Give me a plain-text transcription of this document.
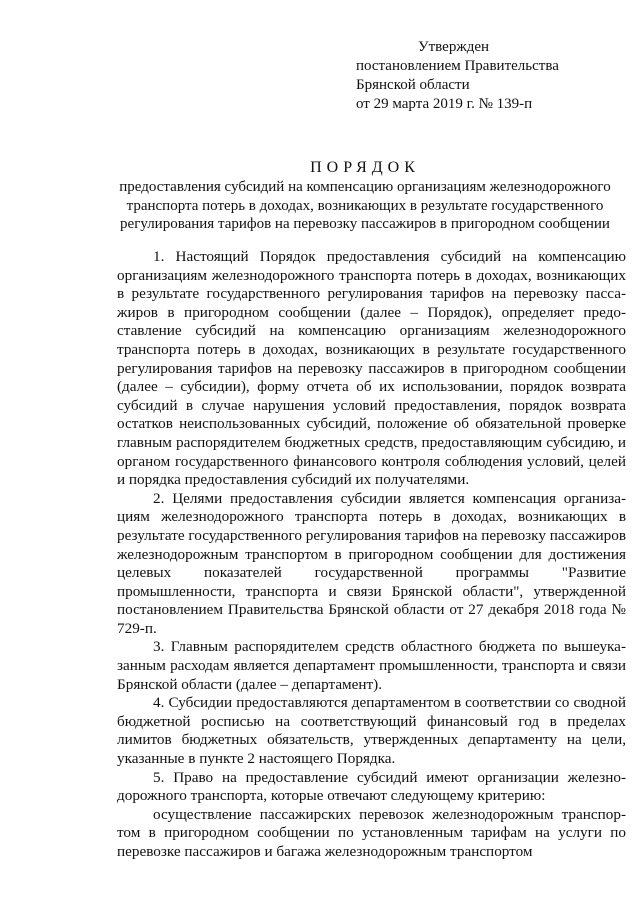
Утвержден
постановлением Правительства
Брянской области
от 29 марта 2019 г. № 139-п
ПОРЯДОК
предоставления субсидий на компенсацию организациям железнодорожного транспорта потерь в доходах, возникающих в результате государственного регулирования тарифов на перевозку пассажиров в пригородном сообщении

1. Настоящий Порядок предоставления субсидий на компенсацию организациям железнодорожного транспорта потерь в доходах, возникающих в результате государственного регулирования тарифов на перевозку пассажиров в пригородном сообщении (далее – Порядок), определяет предоставление субсидий на компенсацию организациям железнодорожного транспорта потерь в доходах, возникающих в результате государственного регулирования тарифов на перевозку пассажиров в пригородном сообщении (далее – субсидии), форму отчета об их использовании, порядок возврата субсидий в случае нарушения условий предоставления, порядок возврата остатков неиспользованных субсидий, положение об обязательной проверке главным распорядителем бюджетных средств, предоставляющим субсидию, и органом государственного финансового контроля соблюдения условий, целей и порядка предоставления субсидий их получателями.

2. Целями предоставления субсидии является компенсация организациям железнодорожного транспорта потерь в доходах, возникающих в результате государственного регулирования тарифов на перевозку пассажиров железнодорожным транспортом в пригородном сообщении для достижения целевых показателей государственной программы "Развитие промышленности, транспорта и связи Брянской области", утвержденной постановлением Правительства Брянской области от 27 декабря 2018 года № 729-п.

3. Главным распорядителем средств областного бюджета по вышеуказанным расходам является департамент промышленности, транспорта и связи Брянской области (далее – департамент).

4. Субсидии предоставляются департаментом в соответствии со сводной бюджетной росписью на соответствующий финансовый год в пределах лимитов бюджетных обязательств, утвержденных департаменту на цели, указанные в пункте 2 настоящего Порядка.

5. Право на предоставление субсидий имеют организации железнодорожного транспорта, которые отвечают следующему критерию:

осуществление пассажирских перевозок железнодорожным транспортом в пригородном сообщении по установленным тарифам на услуги по перевозке пассажиров и багажа железнодорожным транспортом
